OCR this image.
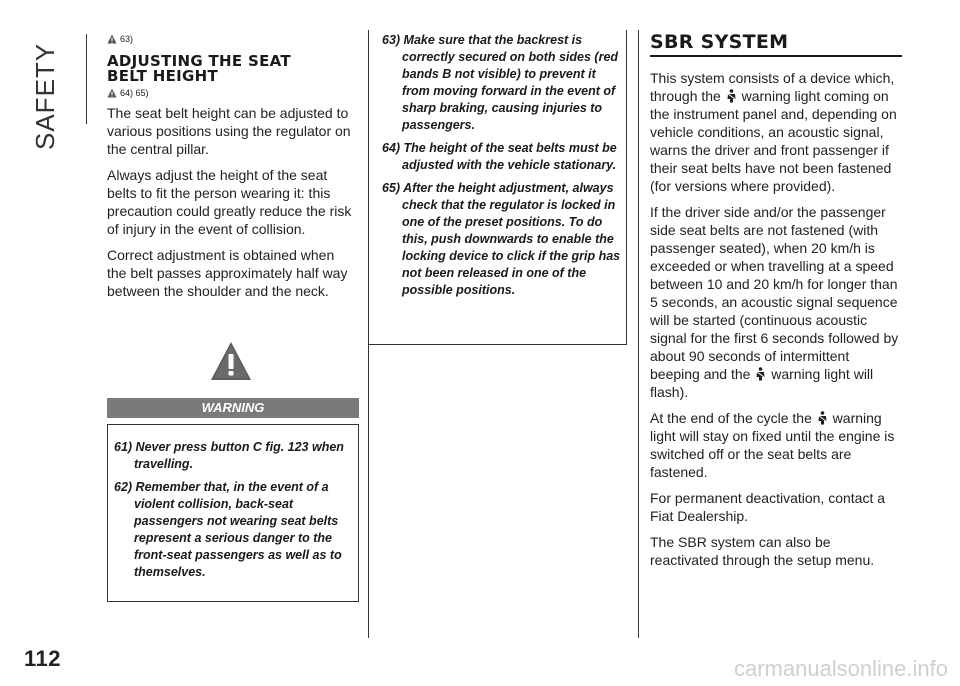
SAFETY
112
63)
ADJUSTING THE SEAT
BELT HEIGHT
64) 65)

The seat belt height can be adjusted to various positions using the regulator on the central pillar.

Always adjust the height of the seat belts to fit the person wearing it: this precaution could greatly reduce the risk of injury in the event of collision.

Correct adjustment is obtained when the belt passes approximately half way between the shoulder and the neck.

WARNING
61) Never press button C fig. 123 when travelling.
62) Remember that, in the event of a violent collision, back-seat passengers not wearing seat belts represent a serious danger to the front-seat passengers as well as to themselves.
63) Make sure that the backrest is correctly secured on both sides (red bands B not visible) to prevent it from moving forward in the event of sharp braking, causing injuries to passengers.
64) The height of the seat belts must be adjusted with the vehicle stationary.
65) After the height adjustment, always check that the regulator is locked in one of the preset positions. To do this, push downwards to enable the locking device to click if the grip has not been released in one of the possible positions.
SBR SYSTEM

This system consists of a device which, through the warning light coming on the instrument panel and, depending on vehicle conditions, an acoustic signal, warns the driver and front passenger if their seat belts have not been fastened (for versions where provided).

If the driver side and/or the passenger side seat belts are not fastened (with passenger seated), when 20 km/h is exceeded or when travelling at a speed between 10 and 20 km/h for longer than 5 seconds, an acoustic signal sequence will be started (continuous acoustic signal for the first 6 seconds followed by about 90 seconds of intermittent beeping and the warning light will flash).

At the end of the cycle the warning light will stay on fixed until the engine is switched off or the seat belts are fastened.

For permanent deactivation, contact a Fiat Dealership.

The SBR system can also be reactivated through the setup menu.

carmanualsonline.info
